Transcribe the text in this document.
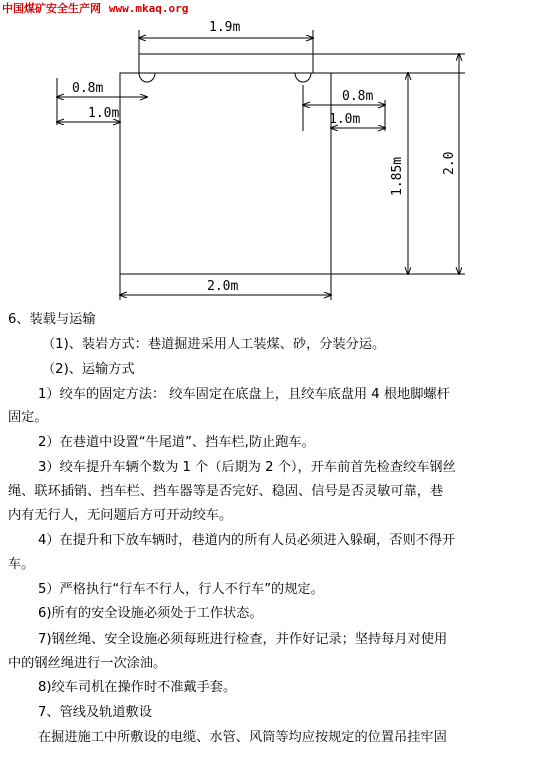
中国煤矿安全生产网 www.mkaq.org
1.9m
0.8m
1.0m
0.8m
1.0m
1.85m	2.0
2.0m
6、装载与运输
（1)、装岩方式：巷道掘进采用人工装煤、砂，分装分运。
（2)、运输方式
1）绞车的固定方法： 绞车固定在底盘上，且绞车底盘用 4 根地脚螺杆
固定。
2）在巷道中设置“牛尾道”、挡车栏,防止跑车。
3）绞车提升车辆个数为 1 个（后期为 2 个），开车前首先检查绞车钢丝
绳、联环插销、挡车栏、挡车器等是否完好、稳固、信号是否灵敏可靠，巷
内有无行人，无问题后方可开动绞车。
4）在提升和下放车辆时，巷道内的所有人员必须进入躲硐，否则不得开
车。
5）严格执行“行车不行人，行人不行车”的规定。
6)所有的安全设施必须处于工作状态。
7)钢丝绳、安全设施必须每班进行检查，并作好记录；坚持每月对使用
中的钢丝绳进行一次涂油。
8)绞车司机在操作时不准戴手套。
7、管线及轨道敷设
在掘进施工中所敷设的电缆、水管、风筒等均应按规定的位置吊挂牢固
